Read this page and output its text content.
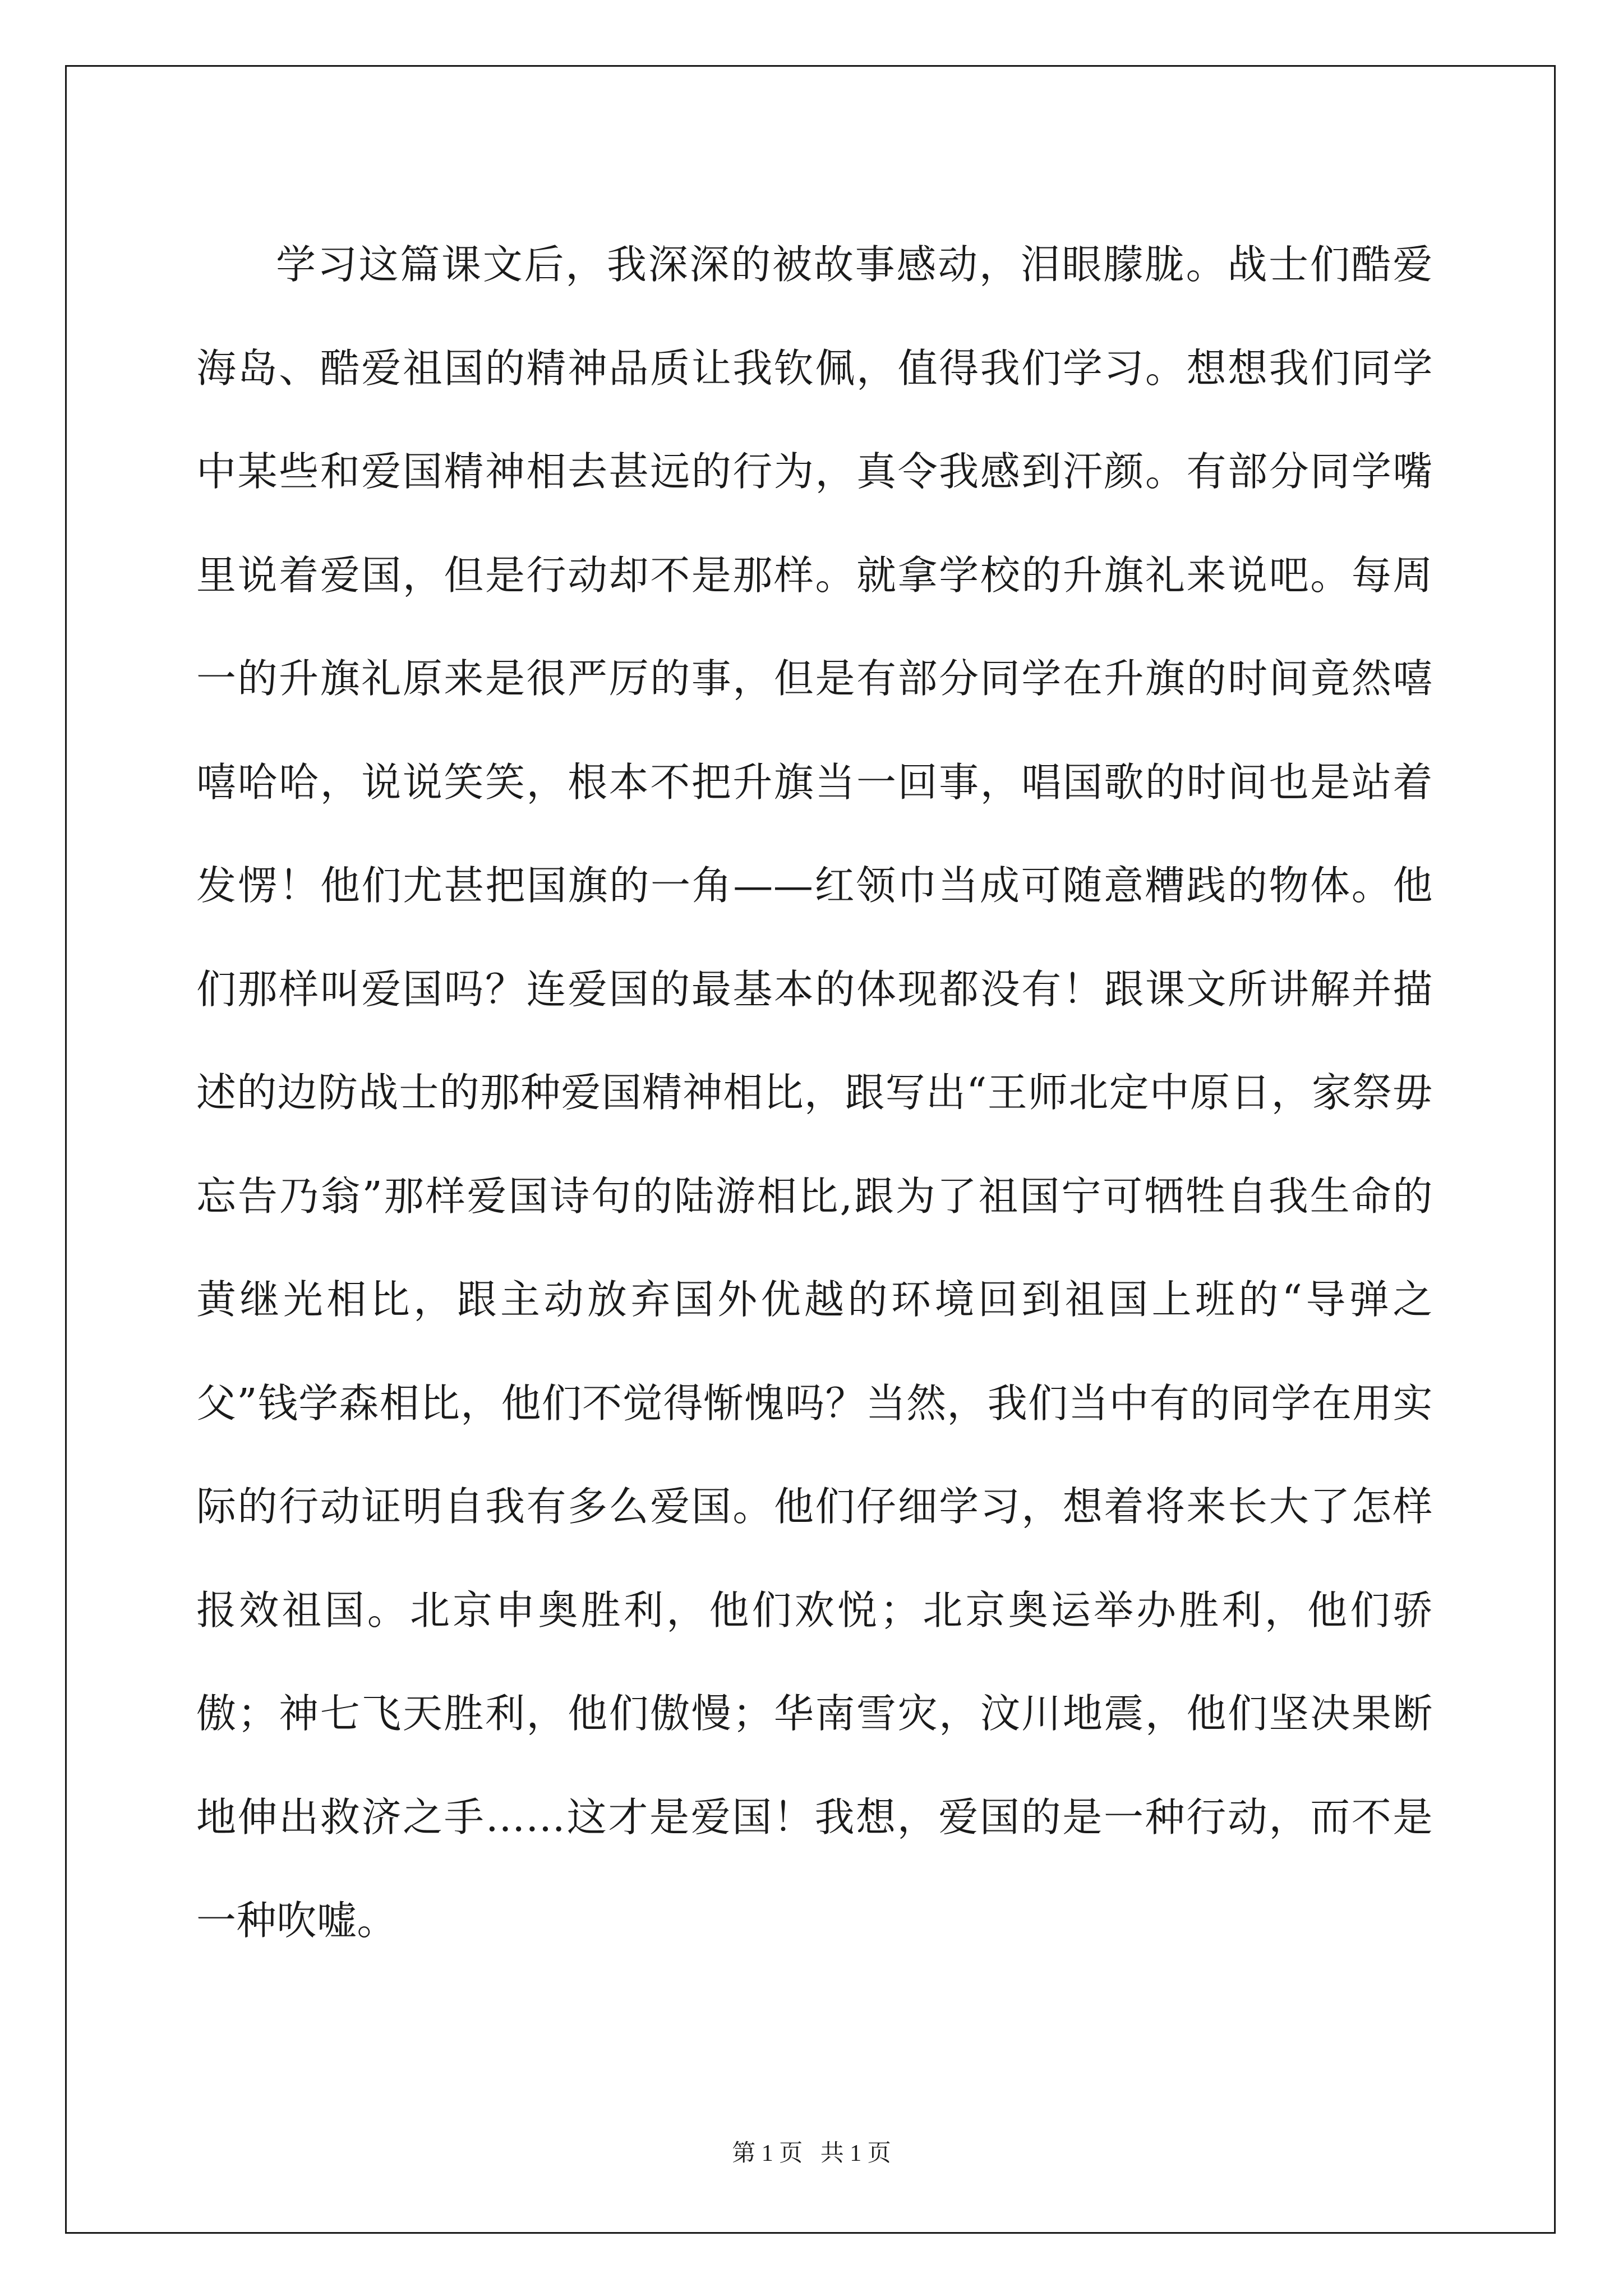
学习这篇课文后，我深深的被故事感动，泪眼朦胧。战士们酷爱海岛、酷爱祖国的精神品质让我钦佩，值得我们学习。想想我们同学中某些和爱国精神相去甚远的行为，真令我感到汗颜。有部分同学嘴里说着爱国，但是行动却不是那样。就拿学校的升旗礼来说吧。每周一的升旗礼原来是很严厉的事，但是有部分同学在升旗的时间竟然嘻嘻哈哈，说说笑笑，根本不把升旗当一回事，唱国歌的时间也是站着发愣！他们尤甚把国旗的一角——红领巾当成可随意糟践的物体。他们那样叫爱国吗？连爱国的最基本的体现都没有！跟课文所讲解并描述的边防战士的那种爱国精神相比，跟写出“王师北定中原日，家祭毋忘告乃翁”那样爱国诗句的陆游相比,跟为了祖国宁可牺牲自我生命的黄继光相比，跟主动放弃国外优越的环境回到祖国上班的“导弹之父”钱学森相比，他们不觉得惭愧吗？当然，我们当中有的同学在用实际的行动证明自我有多么爱国。他们仔细学习，想着将来长大了怎样报效祖国。北京申奥胜利，他们欢悦；北京奥运举办胜利，他们骄傲；神七飞天胜利，他们傲慢；华南雪灾，汶川地震，他们坚决果断地伸出救济之手……这才是爱国！我想，爱国的是一种行动，而不是一种吹嘘。

第 1 页   共 1 页
